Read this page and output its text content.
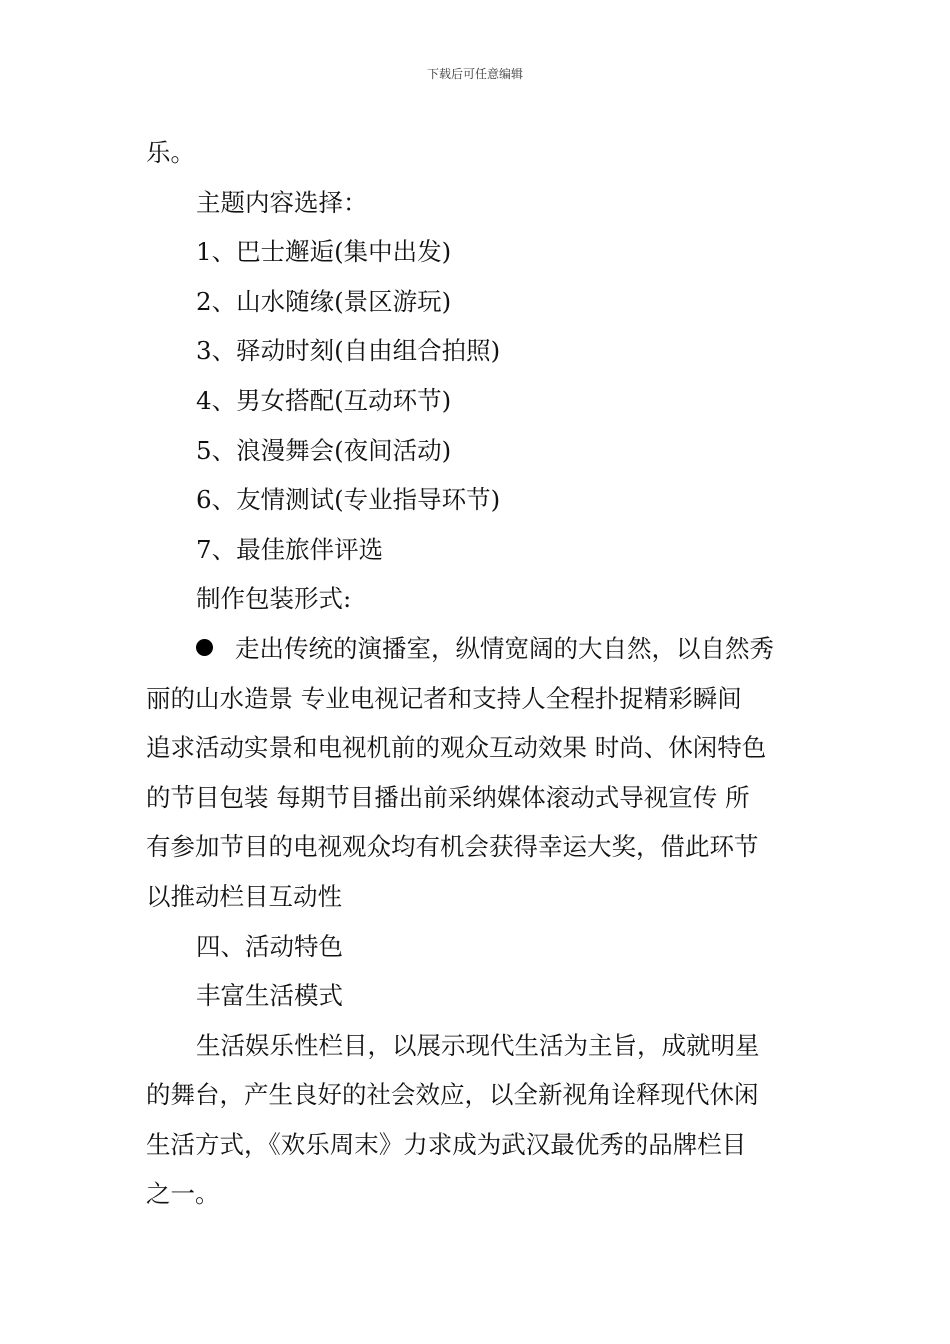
下载后可任意编辑
乐。
主题内容选择：
1、巴士邂逅(集中出发)
2、山水随缘(景区游玩)
3、驿动时刻(自由组合拍照)
4、男女搭配(互动环节)
5、浪漫舞会(夜间活动)
6、友情测试(专业指导环节)
7、最佳旅伴评选
制作包装形式:
走出传统的演播室，纵情宽阔的大自然，以自然秀
丽的山水造景 专业电视记者和支持人全程扑捉精彩瞬间
追求活动实景和电视机前的观众互动效果 时尚、休闲特色
的节目包装 每期节目播出前采纳媒体滚动式导视宣传 所
有参加节目的电视观众均有机会获得幸运大奖，借此环节
以推动栏目互动性
四、活动特色
丰富生活模式
生活娱乐性栏目，以展示现代生活为主旨，成就明星
的舞台，产生良好的社会效应，以全新视角诠释现代休闲
生活方式，《欢乐周末》力求成为武汉最优秀的品牌栏目
之一。
